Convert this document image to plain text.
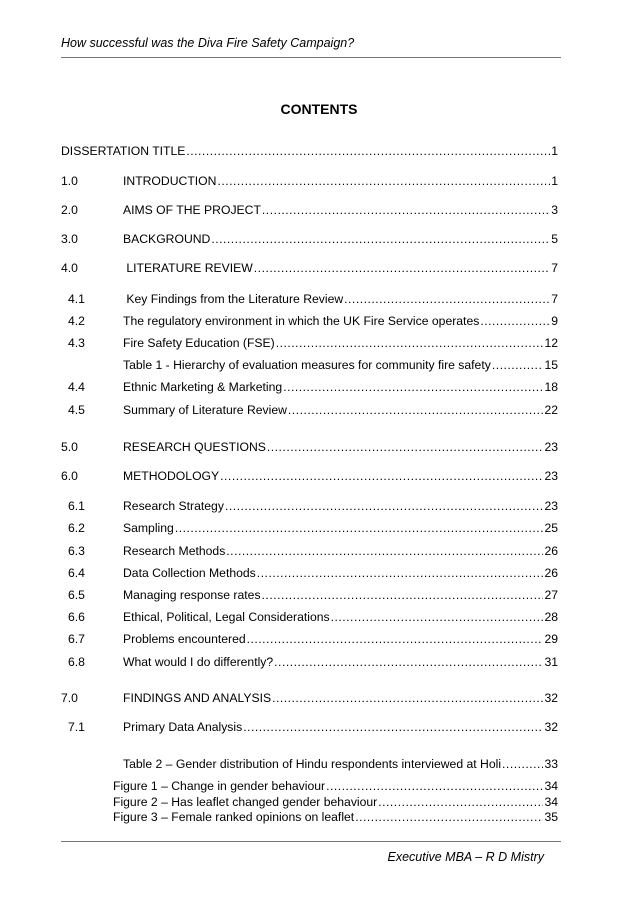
How successful was the Diva Fire Safety Campaign?
CONTENTS
DISSERTATION TITLE .....	1
1.0	INTRODUCTION .....	1
2.0	AIMS OF THE PROJECT .....	3
3.0	BACKGROUND .....	5
4.0	LITERATURE REVIEW .....	7
4.1	Key Findings from the Literature Review .....	7
4.2	The regulatory environment in which the UK Fire Service operates .....	9
4.3	Fire Safety Education (FSE) .....	12
Table 1 - Hierarchy of evaluation measures for community fire safety .....	15
4.4	Ethnic Marketing & Marketing .....	18
4.5	Summary of Literature Review .....	22
5.0	RESEARCH QUESTIONS .....	23
6.0	METHODOLOGY .....	23
6.1	Research Strategy .....	23
6.2	Sampling .....	25
6.3	Research Methods .....	26
6.4	Data Collection Methods .....	26
6.5	Managing response rates .....	27
6.6	Ethical, Political, Legal Considerations .....	28
6.7	Problems encountered .....	29
6.8	What would I do differently? .....	31
7.0	FINDINGS AND ANALYSIS .....	32
7.1	Primary Data Analysis .....	32
Table 2 – Gender distribution of Hindu respondents interviewed at Holi .....	33
Figure 1 – Change in gender behaviour .....	34
Figure 2 – Has leaflet changed gender behaviour .....	34
Figure 3 – Female ranked opinions on leaflet .....	35
Executive MBA – R D Mistry
